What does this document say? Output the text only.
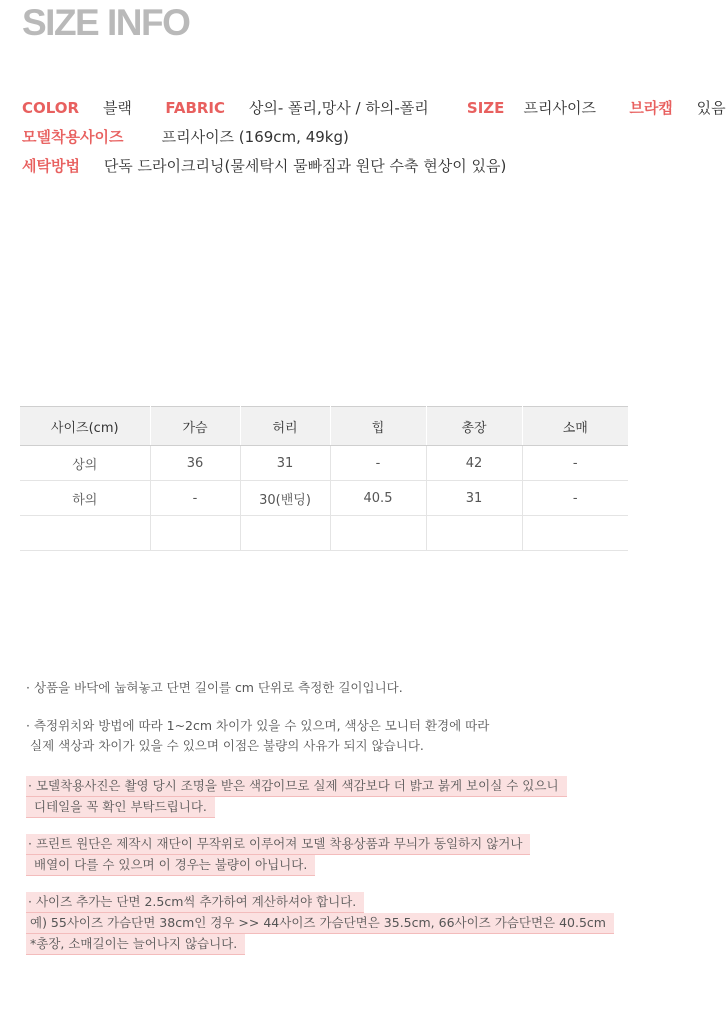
SIZE INFO
COLOR 블랙 FABRIC 상의- 폴리,망사 / 하의-폴리	SIZE 프리사이즈 브라캡 있음
모델착용사이즈	프리사이즈 (169cm, 49kg)
세탁방법 단독 드라이크리닝(물세탁시 물빠짐과 원단 수축 현상이 있음)
사이즈(cm)	가슴	허리	힙	총장	소매
상의	36	31	-	42	-
하의	-	30(밴딩)	40.5	31	-

· 상품을 바닥에 눕혀놓고 단면 길이를 cm 단위로 측정한 길이입니다.

· 측정위치와 방법에 따라 1~2cm 차이가 있을 수 있으며, 색상은 모니터 환경에 따라

실제 색상과 차이가 있을 수 있으며 이점은 불량의 사유가 되지 않습니다.

· 모델착용사진은 촬영 당시 조명을 받은 색감이므로 실제 색감보다 더 밝고 붉게 보이실 수 있으니

디테일을 꼭 확인 부탁드립니다.

· 프린트 원단은 제작시 재단이 무작위로 이루어져 모델 착용상품과 무늬가 동일하지 않거나

배열이 다를 수 있으며 이 경우는 불량이 아닙니다.

· 사이즈 추가는 단면 2.5cm씩 추가하여 계산하셔야 합니다.

예) 55사이즈 가슴단면 38cm인 경우 >> 44사이즈 가슴단면은 35.5cm, 66사이즈 가슴단면은 40.5cm

*총장, 소매길이는 늘어나지 않습니다.
